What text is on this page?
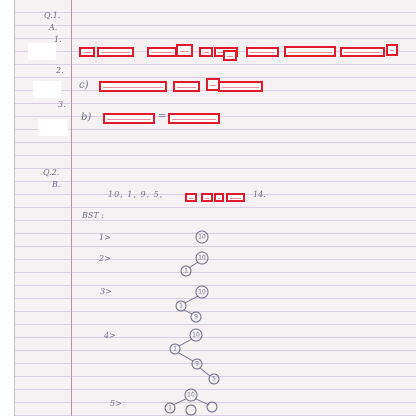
Q.1.
A.
1.
2.
3.
c)
b)	=
Q.2.
B.
10, 1, 9, 5,	14.
BST :
1>
2>
3>
4>
5>
10
10
1
10
1
9
10
1
9
5
10
1
